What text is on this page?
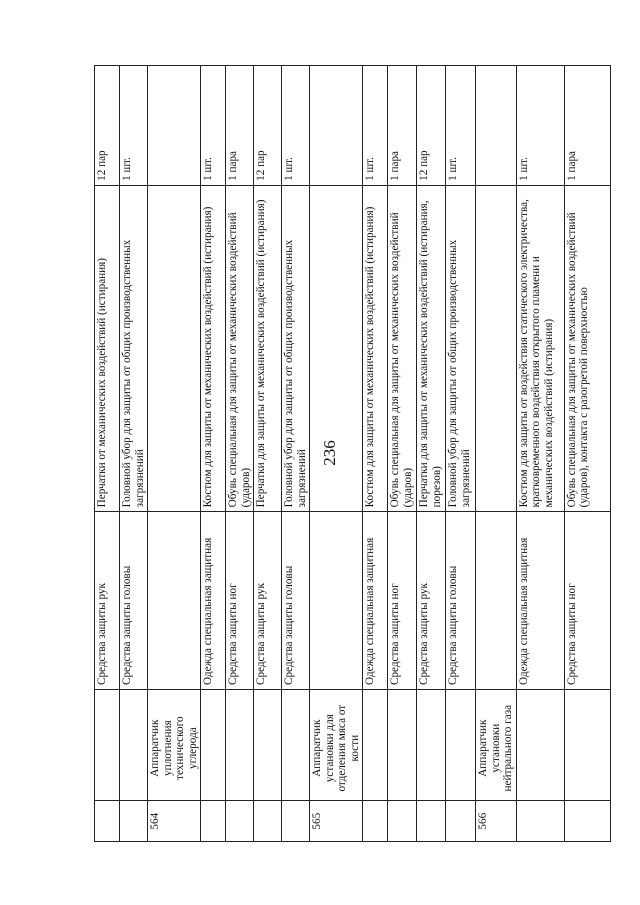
236

	Средства защиты рук	Перчатки от механических воздействий (истирания)	12 пар

	Средства защиты головы	Головной убор для защиты от общих производственных загрязнений	1 шт.
564	Аппаратчик уплотнения технического углерода			

	Одежда специальная защитная	Костюм для защиты от механических воздействий (истирания)	1 шт.

	Средства защиты ног	Обувь специальная для защиты от механических воздействий (ударов)	1 пара

	Средства защиты рук	Перчатки для защиты от механических воздействий (истирания)	12 пар

	Средства защиты головы	Головной убор для защиты от общих производственных загрязнений	1 шт.
565	Аппаратчик установки для отделения мяса от кости			

	Одежда специальная защитная	Костюм для защиты от механических воздействий (истирания)	1 шт.

	Средства защиты ног	Обувь специальная для защиты от механических воздействий (ударов)	1 пара

	Средства защиты рук	Перчатки для защиты от механических воздействий (истирания, порезов)	12 пар

	Средства защиты головы	Головной убор для защиты от общих производственных загрязнений	1 шт.
566	Аппаратчик установки нейтрального газа			

	Одежда специальная защитная	Костюм для защиты от воздействия статического электричества, кратковременного воздействия открытого пламени и механических воздействий (истирания)	1 шт.

	Средства защиты ног	Обувь специальная для защиты от механических воздействий (ударов), контакта с разогретой поверхностью	1 пара
